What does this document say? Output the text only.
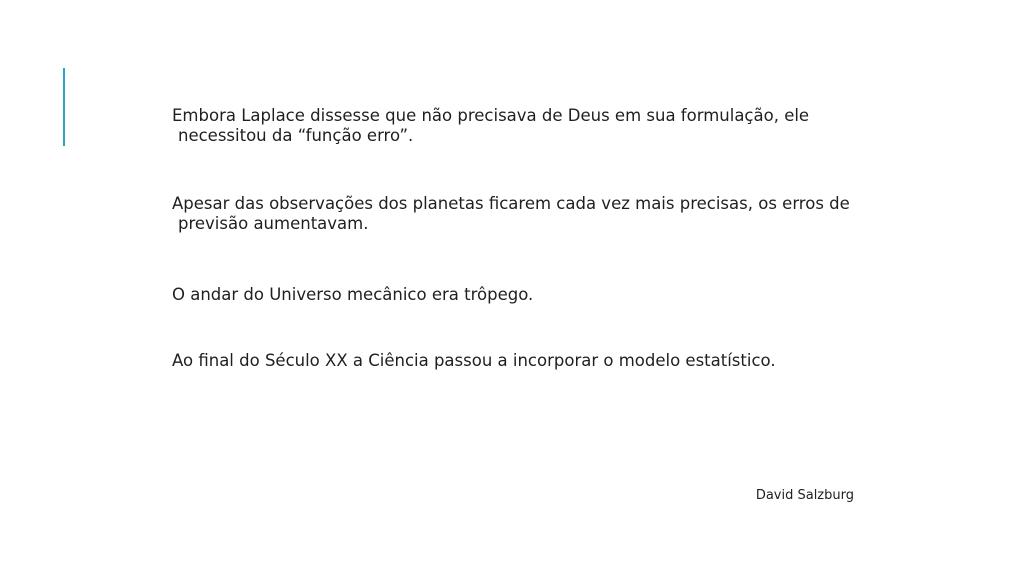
Embora Laplace dissesse que não precisava de Deus em sua formulação, ele
necessitou da “função erro”.

Apesar das observações dos planetas ficarem cada vez mais precisas, os erros de
previsão aumentavam.

O andar do Universo mecânico era trôpego.

Ao final do Século XX a Ciência passou a incorporar o modelo estatístico.

David Salzburg
